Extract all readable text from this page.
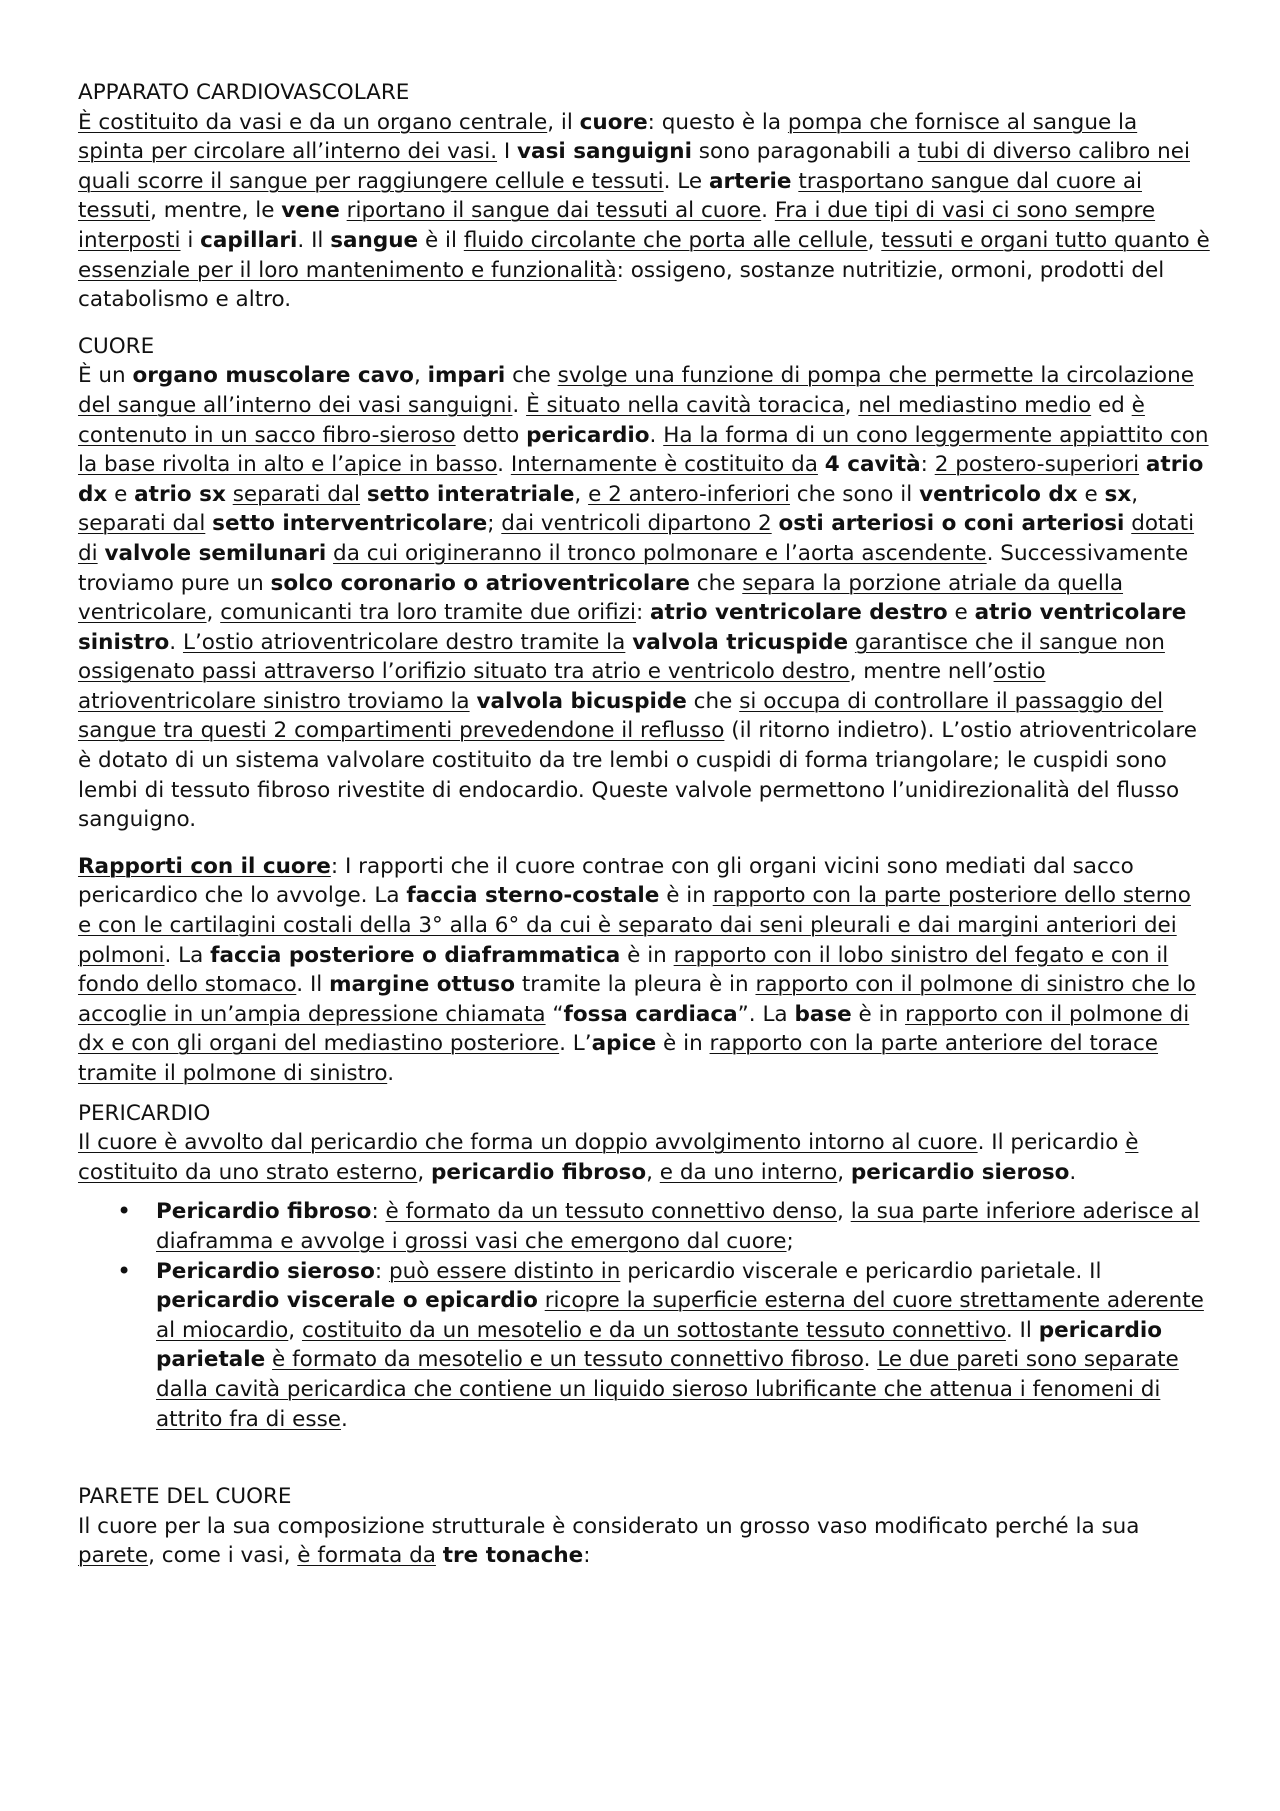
APPARATO CARDIOVASCOLARE

È costituito da vasi e da un organo centrale, il cuore: questo è la pompa che fornisce al sangue la spinta per circolare all’interno dei vasi. I vasi sanguigni sono paragonabili a tubi di diverso calibro nei quali scorre il sangue per raggiungere cellule e tessuti. Le arterie trasportano sangue dal cuore ai tessuti, mentre, le vene riportano il sangue dai tessuti al cuore. Fra i due tipi di vasi ci sono sempre interposti i capillari. Il sangue è il fluido circolante che porta alle cellule, tessuti e organi tutto quanto è essenziale per il loro mantenimento e funzionalità: ossigeno, sostanze nutritizie, ormoni, prodotti del catabolismo e altro.

CUORE

È un organo muscolare cavo, impari che svolge una funzione di pompa che permette la circolazione del sangue all’interno dei vasi sanguigni. È situato nella cavità toracica, nel mediastino medio ed è contenuto in un sacco fibro-sieroso detto pericardio. Ha la forma di un cono leggermente appiattito con la base rivolta in alto e l’apice in basso. Internamente è costituito da 4 cavità: 2 postero-superiori atrio dx e atrio sx separati dal setto interatriale, e 2 antero-inferiori che sono il ventricolo dx e sx, separati dal setto interventricolare; dai ventricoli dipartono 2 osti arteriosi o coni arteriosi dotati di valvole semilunari da cui origineranno il tronco polmonare e l’aorta ascendente. Successivamente troviamo pure un solco coronario o atrioventricolare che separa la porzione atriale da quella ventricolare, comunicanti tra loro tramite due orifizi: atrio ventricolare destro e atrio ventricolare sinistro. L’ostio atrioventricolare destro tramite la valvola tricuspide garantisce che il sangue non ossigenato passi attraverso l’orifizio situato tra atrio e ventricolo destro, mentre nell’ostio atrioventricolare sinistro troviamo la valvola bicuspide che si occupa di controllare il passaggio del sangue tra questi 2 compartimenti prevedendone il reflusso (il ritorno indietro). L’ostio atrioventricolare è dotato di un sistema valvolare costituito da tre lembi o cuspidi di forma triangolare; le cuspidi sono lembi di tessuto fibroso rivestite di endocardio. Queste valvole permettono l’unidirezionalità del flusso sanguigno.

Rapporti con il cuore: I rapporti che il cuore contrae con gli organi vicini sono mediati dal sacco pericardico che lo avvolge. La faccia sterno-costale è in rapporto con la parte posteriore dello sterno e con le cartilagini costali della 3° alla 6° da cui è separato dai seni pleurali e dai margini anteriori dei polmoni. La faccia posteriore o diaframmatica è in rapporto con il lobo sinistro del fegato e con il fondo dello stomaco. Il margine ottuso tramite la pleura è in rapporto con il polmone di sinistro che lo accoglie in un’ampia depressione chiamata “fossa cardiaca”. La base è in rapporto con il polmone di dx e con gli organi del mediastino posteriore. L’apice è in rapporto con la parte anteriore del torace tramite il polmone di sinistro.

PERICARDIO

Il cuore è avvolto dal pericardio che forma un doppio avvolgimento intorno al cuore. Il pericardio è costituito da uno strato esterno, pericardio fibroso, e da uno interno, pericardio sieroso.

• Pericardio fibroso: è formato da un tessuto connettivo denso, la sua parte inferiore aderisce al diaframma e avvolge i grossi vasi che emergono dal cuore;
• Pericardio sieroso: può essere distinto in pericardio viscerale e pericardio parietale. Il pericardio viscerale o epicardio ricopre la superficie esterna del cuore strettamente aderente al miocardio, costituito da un mesotelio e da un sottostante tessuto connettivo. Il pericardio parietale è formato da mesotelio e un tessuto connettivo fibroso. Le due pareti sono separate dalla cavità pericardica che contiene un liquido sieroso lubrificante che attenua i fenomeni di attrito fra di esse.
PARETE DEL CUORE

Il cuore per la sua composizione strutturale è considerato un grosso vaso modificato perché la sua parete, come i vasi, è formata da tre tonache:
